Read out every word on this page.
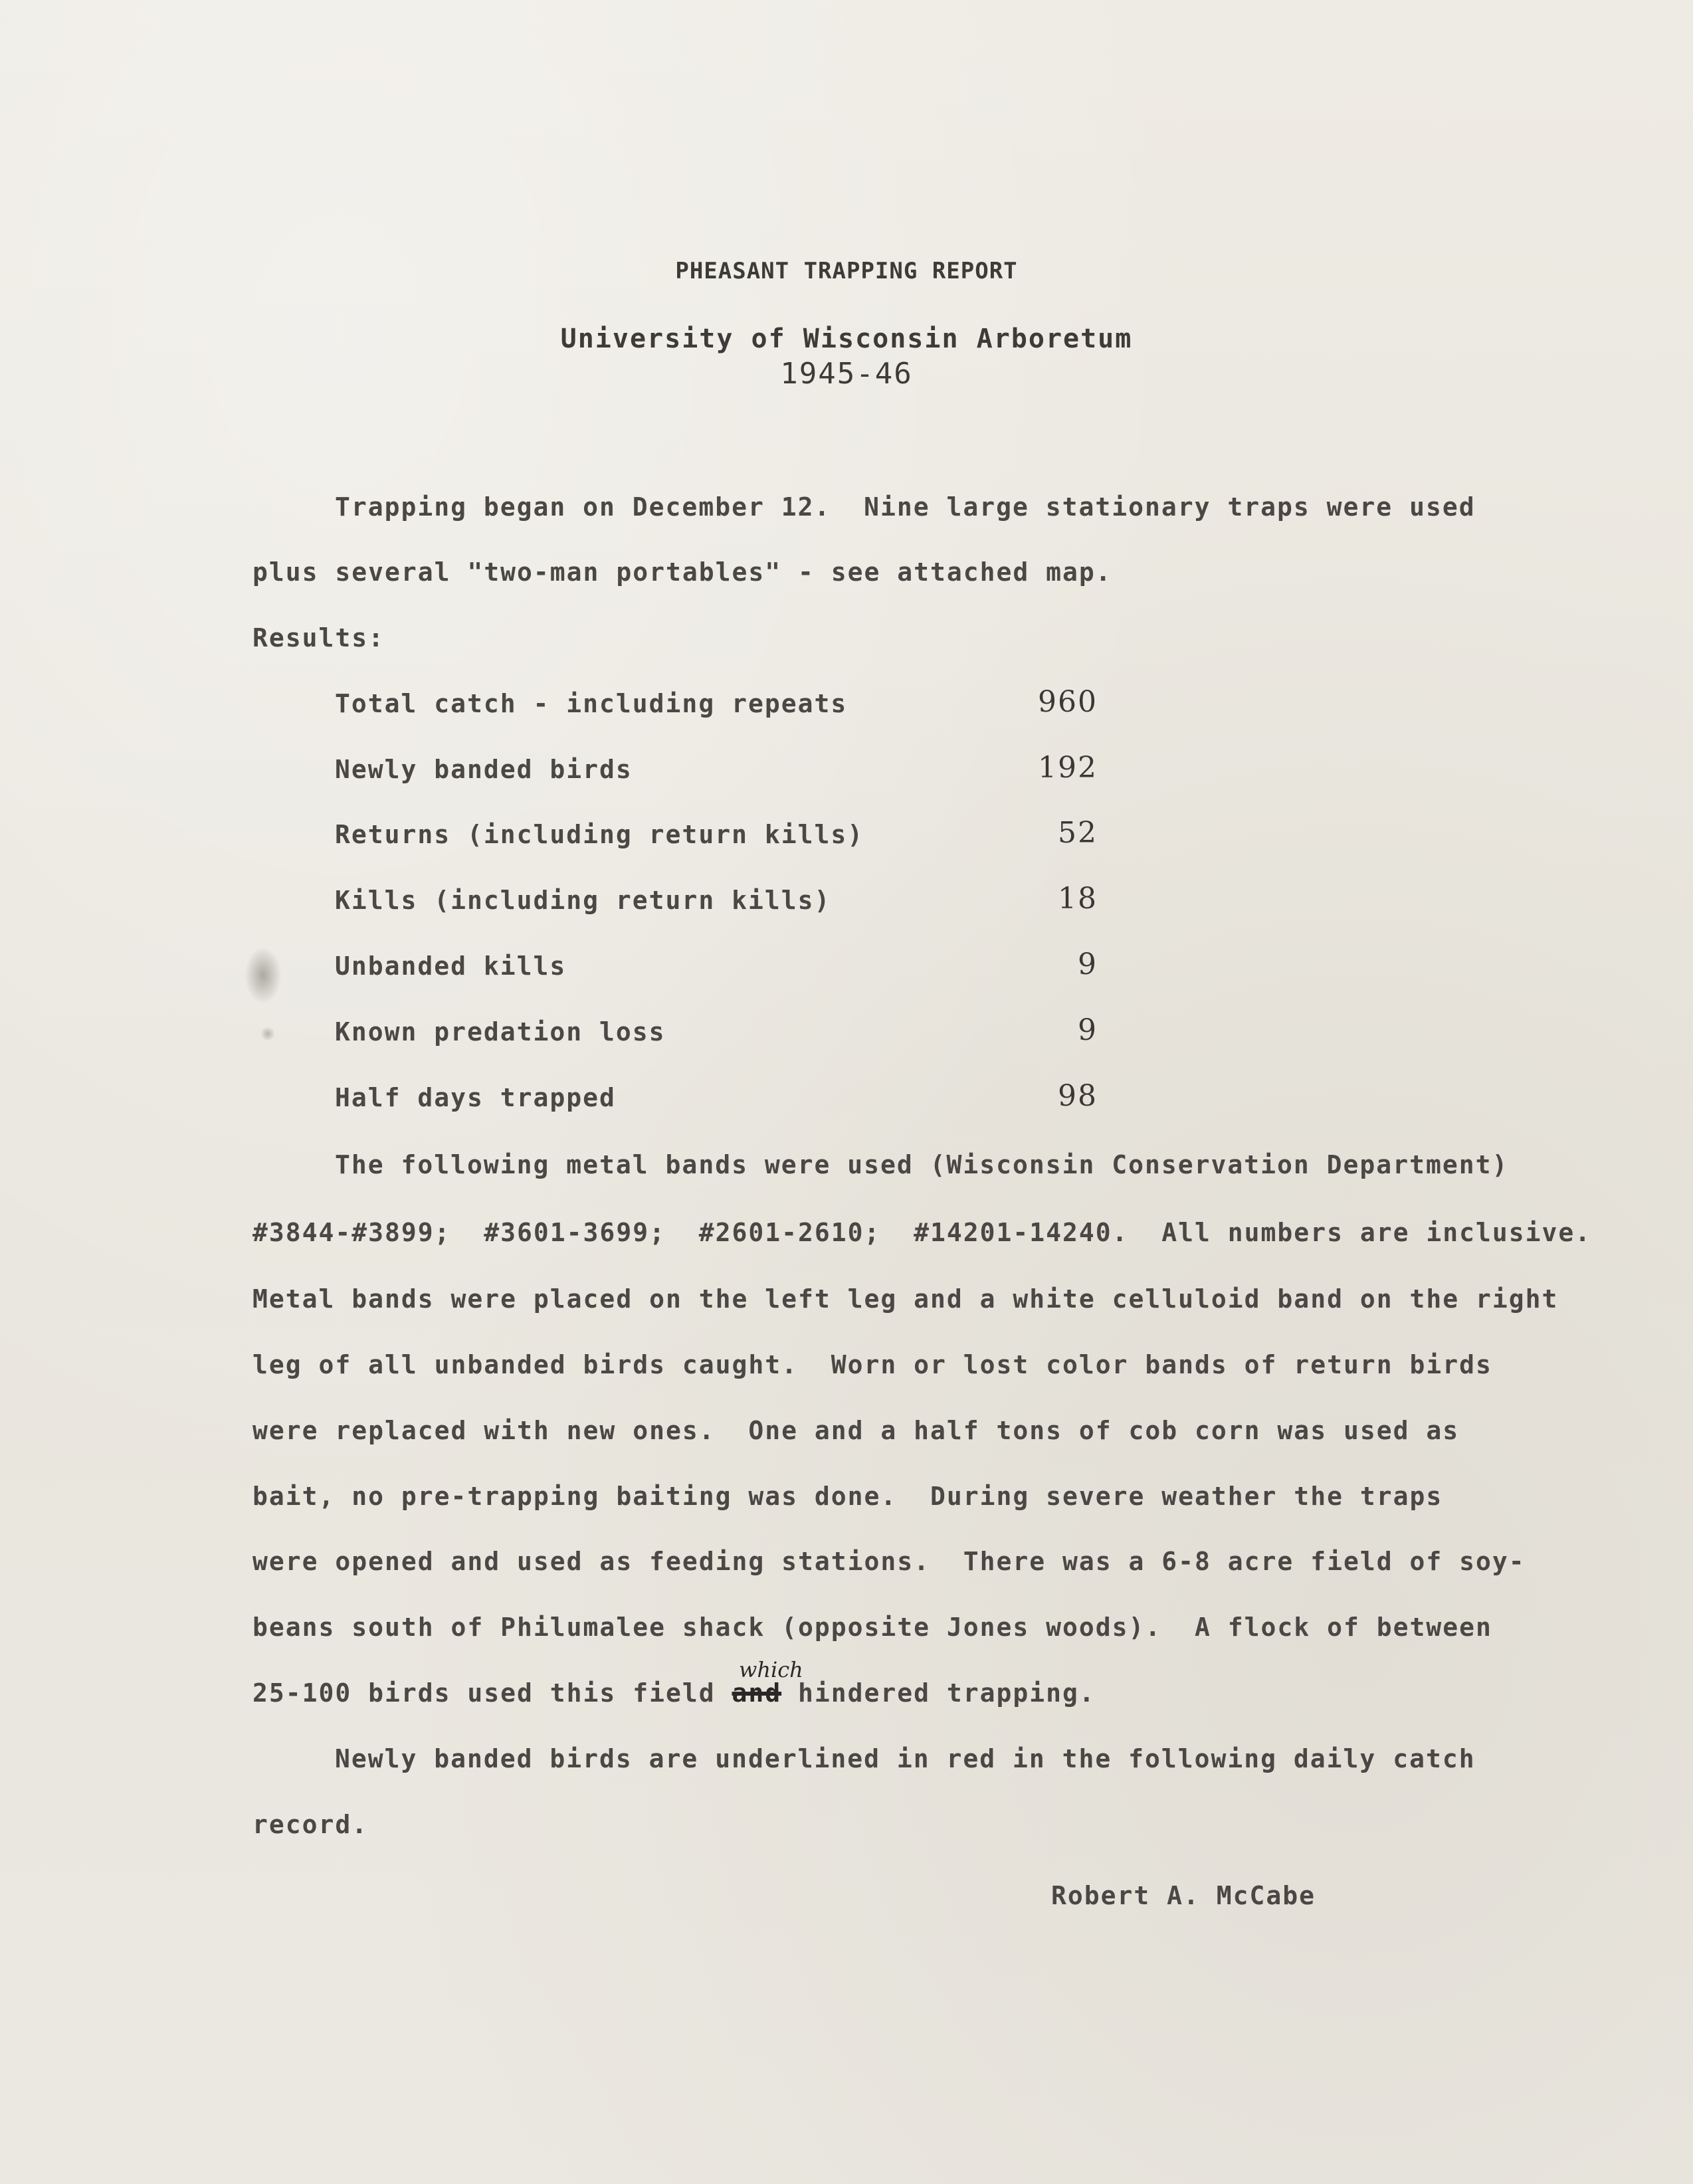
PHEASANT TRAPPING REPORT
University of Wisconsin Arboretum
1945-46
Trapping began on December 12.  Nine large stationary traps were used
plus several "two-man portables" - see attached map.
Results:
Total catch - including repeats	960
Newly banded birds	192
Returns (including return kills)	52
Kills (including return kills)	18
Unbanded kills	9
Known predation loss	9
Half days trapped	98
The following metal bands were used (Wisconsin Conservation Department)
#3844-#3899;  #3601-3699;  #2601-2610;  #14201-14240.  All numbers are inclusive.
Metal bands were placed on the left leg and a white celluloid band on the right
leg of all unbanded birds caught.  Worn or lost color bands of return birds
were replaced with new ones.  One and a half tons of cob corn was used as
bait, no pre-trapping baiting was done.  During severe weather the traps
were opened and used as feeding stations.  There was a 6-8 acre field of soy-
beans south of Philumalee shack (opposite Jones woods).  A flock of between
which
25-100 birds used this field and hindered trapping.
Newly banded birds are underlined in red in the following daily catch
record.
Robert A. McCabe
